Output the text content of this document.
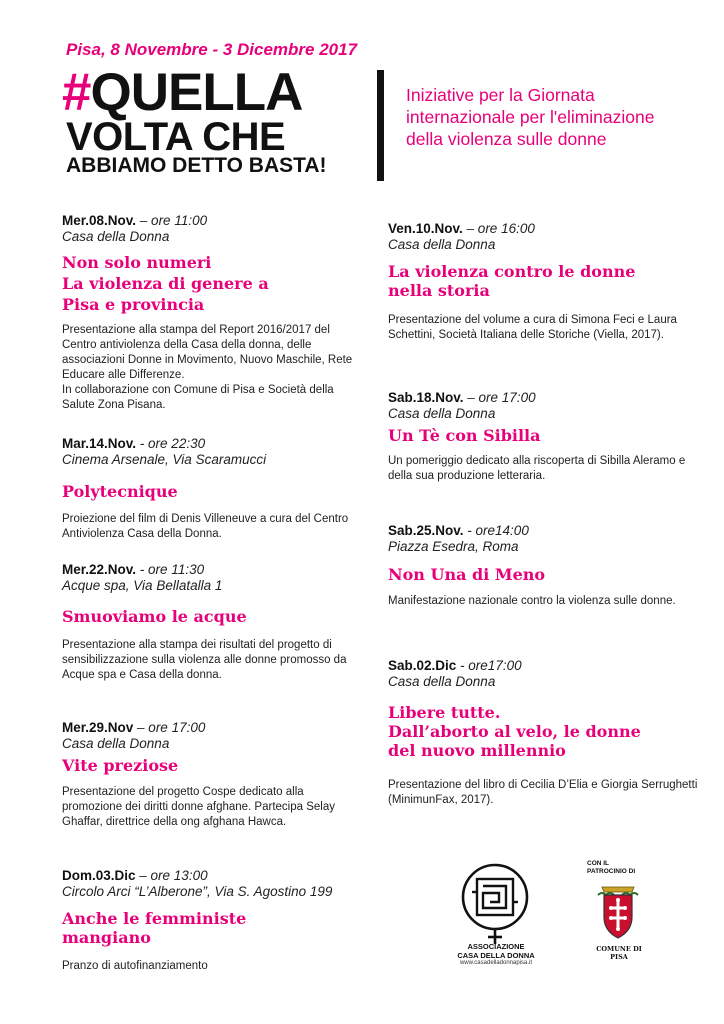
Pisa, 8 Novembre - 3 Dicembre 2017
#QUELLA
VOLTA CHE
ABBIAMO DETTO BASTA!
Iniziative per la Giornata internazionale per l'eliminazione della violenza sulle donne
Mer.08.Nov. – ore 11:00
Casa della Donna
Non solo numeri
La violenza di genere a
Pisa e provincia
Presentazione alla stampa del Report 2016/2017 del Centro antiviolenza della Casa della donna, delle associazioni Donne in Movimento, Nuovo Maschile, Rete Educare alle Differenze.
In collaborazione con Comune di Pisa e Società della Salute Zona Pisana.
Mar.14.Nov. - ore 22:30
Cinema Arsenale, Via Scaramucci
Polytecnique
Proiezione del film di Denis Villeneuve a cura del Centro Antiviolenza Casa della Donna.
Mer.22.Nov. - ore 11:30
Acque spa, Via Bellatalla 1
Smuoviamo le acque
Presentazione alla stampa dei risultati del progetto di sensibilizzazione sulla violenza alle donne promosso da Acque spa e Casa della donna.
Mer.29.Nov – ore 17:00
Casa della Donna
Vite preziose
Presentazione del progetto Cospe dedicato alla promozione dei diritti donne afghane. Partecipa Selay Ghaffar, direttrice della ong afghana Hawca.
Dom.03.Dic – ore 13:00
Circolo Arci “L’Alberone”, Via S. Agostino 199
Anche le femministe
mangiano
Pranzo di autofinanziamento
Ven.10.Nov. – ore 16:00
Casa della Donna
La violenza contro le donne
nella storia
Presentazione del volume a cura di Simona Feci e Laura Schettini, Società Italiana delle Storiche (Viella, 2017).
Sab.18.Nov. – ore 17:00
Casa della Donna
Un Tè con Sibilla
Un pomeriggio dedicato alla riscoperta di Sibilla Aleramo e della sua produzione letteraria.
Sab.25.Nov. - ore14:00
Piazza Esedra, Roma
Non Una di Meno
Manifestazione nazionale contro la violenza sulle donne.
Sab.02.Dic - ore17:00
Casa della Donna
Libere tutte.
Dall’aborto al velo, le donne
del nuovo millennio
Presentazione del libro di Cecilia D’Elia e Giorgia Serrughetti (MinimunFax, 2017).
ASSOCIAZIONE
CASA DELLA DONNA
www.casadelladonnapisa.it
CON IL
PATROCINIO DI
COMUNE DI
PISA
